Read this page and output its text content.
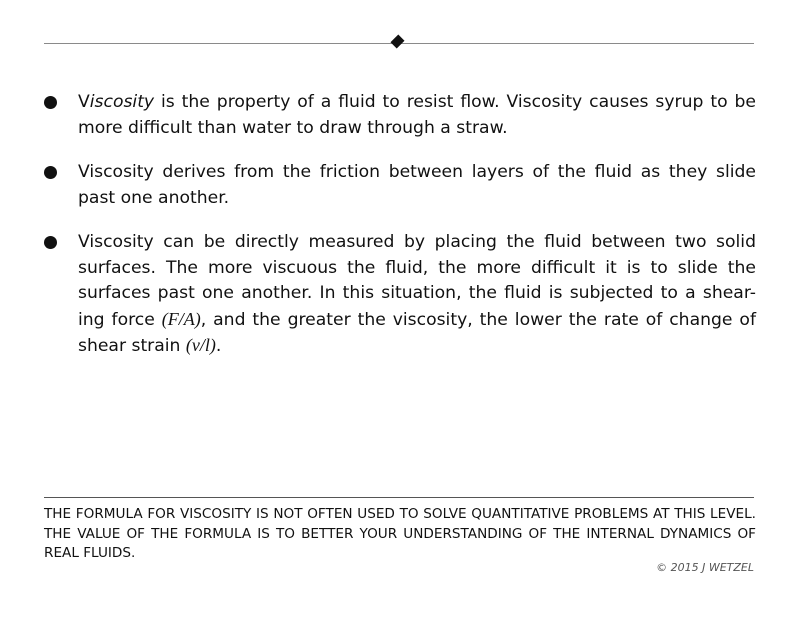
Viscosity is the property of a fluid to resist flow. Viscosity causes syrup to be more difficult than water to draw through a straw.
Viscosity derives from the friction between layers of the fluid as they slide past one another.
Viscosity can be directly measured by placing the fluid between two solid surfaces. The more viscuous the fluid, the more difficult it is to slide the surfaces past one another. In this situation, the fluid is subjected to a shear-ing force (F/A), and the greater the viscosity, the lower the rate of change of shear strain (v/l).
THE FORMULA FOR VISCOSITY IS NOT OFTEN USED TO SOLVE QUANTITATIVE PROBLEMS AT THIS LEVEL. THE VALUE OF THE FORMULA IS TO BETTER YOUR UNDERSTANDING OF THE INTERNAL DYNAMICS OF REAL FLUIDS.
© 2015 J WETZEL
